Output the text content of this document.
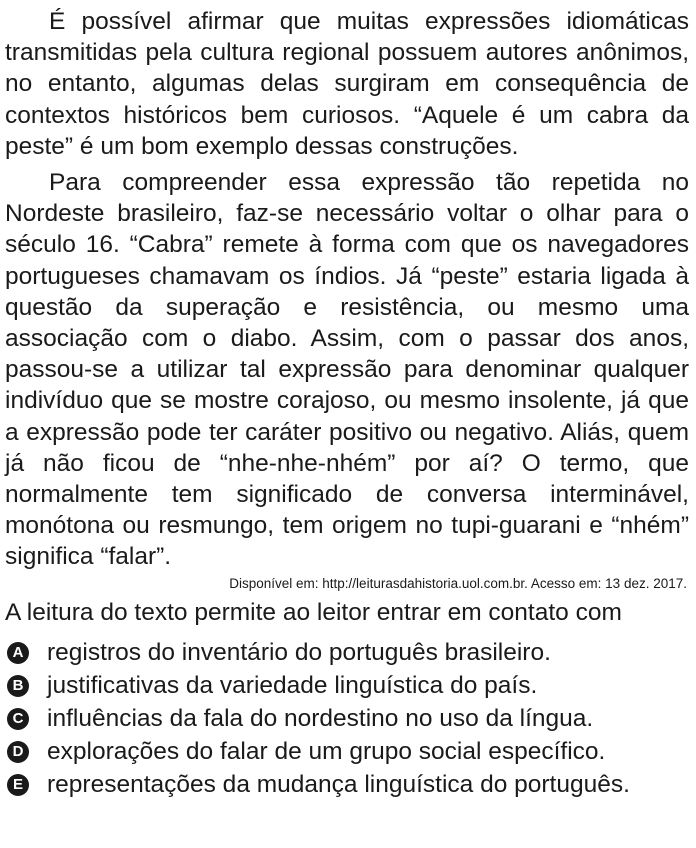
É possível afirmar que muitas expressões idiomáticas transmitidas pela cultura regional possuem autores anônimos, no entanto, algumas delas surgiram em consequência de contextos históricos bem curiosos. “Aquele é um cabra da peste” é um bom exemplo dessas construções.

Para compreender essa expressão tão repetida no Nordeste brasileiro, faz-se necessário voltar o olhar para o século 16. “Cabra” remete à forma com que os navegadores portugueses chamavam os índios. Já “peste” estaria ligada à questão da superação e resistência, ou mesmo uma associação com o diabo. Assim, com o passar dos anos, passou-se a utilizar tal expressão para denominar qualquer indivíduo que se mostre corajoso, ou mesmo insolente, já que a expressão pode ter caráter positivo ou negativo. Aliás, quem já não ficou de “nhe-nhe-nhém” por aí? O termo, que normalmente tem significado de conversa interminável, monótona ou resmungo, tem origem no tupi-guarani e “nhém” significa “falar”.

Disponível em: http://leiturasdahistoria.uol.com.br. Acesso em: 13 dez. 2017.

A leitura do texto permite ao leitor entrar em contato com

A registros do inventário do português brasileiro.
B justificativas da variedade linguística do país.
C influências da fala do nordestino no uso da língua.
D explorações do falar de um grupo social específico.
E representações da mudança linguística do português.
